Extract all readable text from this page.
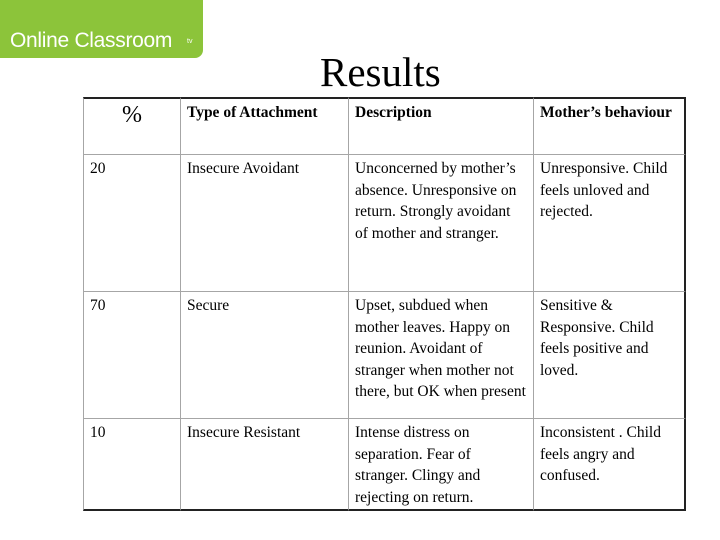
Online Classroom tv
Results
%	Type of Attachment	Description	Mother’s behaviour
20	Insecure Avoidant	Unconcerned by mother’s absence. Unresponsive on return. Strongly avoidant of mother and stranger.	Unresponsive. Child feels unloved and rejected.
70	Secure	Upset, subdued when mother leaves. Happy on reunion. Avoidant of stranger when mother not there, but OK when present	Sensitive & Responsive. Child feels positive and loved.
10	Insecure Resistant	Intense distress on separation. Fear of stranger. Clingy and rejecting on return.	Inconsistent . Child feels angry and confused.
